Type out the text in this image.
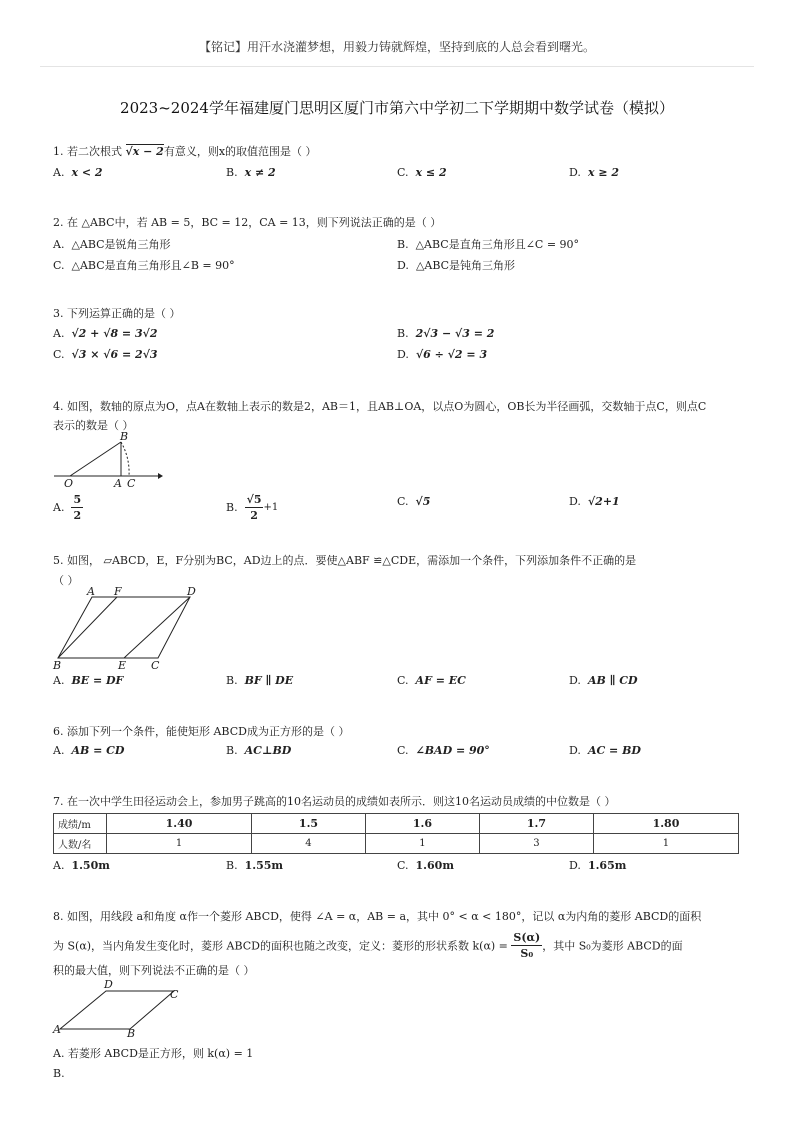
【铭记】用汗水浇灌梦想，用毅力铸就辉煌，坚持到底的人总会看到曙光。
2023~2024学年福建厦门思明区厦门市第六中学初二下学期期中数学试卷（模拟）
1. 若二次根式 √x − 2有意义，则x的取值范围是（ ）
A. x < 2	B. x ≠ 2	C. x ≤ 2	D. x ≥ 2
2. 在 △ABC中，若 AB = 5，BC = 12，CA = 13，则下列说法正确的是（ ）
A. △ABC是锐角三角形	B. △ABC是直角三角形且∠C = 90°
C. △ABC是直角三角形且∠B = 90°	D. △ABC是钝角三角形
3. 下列运算正确的是（ ）
A. √2 + √8 = 3√2	B. 2√3 − √3 = 2
C. √3 × √6 = 2√3	D. √6 ÷ √2 = 3
4. 如图，数轴的原点为O，点A在数轴上表示的数是2，AB＝1，且AB⊥OA，以点O为圆心，OB长为半径画弧，交数轴于点C，则点C
表示的数是（ ）
B
O	A C
A. $\frac{5}{2}$	B. $\frac{√5}{2} +1$	C. √5	D. √2+1
5. 如图， ▱ABCD，E，F分别为BC，AD边上的点．要使△ABF ≌△CDE，需添加一个条件，下列添加条件不正确的是
（ ）
A F	D
B	E C
A. BE = DF	B. BF ∥ DE	C. AF = EC	D. AB ∥ CD
6. 添加下列一个条件，能使矩形 ABCD成为正方形的是（ ）
A. AB = CD	B. AC⊥BD	C. ∠BAD = 90°	D. AC = BD
7. 在一次中学生田径运动会上，参加男子跳高的10名运动员的成绩如表所示．则这10名运动员成绩的中位数是（ ）
成绩/m	1.40	1.5	1.6	1.7	1.80
人数/名	1	4	1	3	1
A. 1.50m	B. 1.55m	C. 1.60m	D. 1.65m
8. 如图，用线段 a和角度 α作一个菱形 ABCD，使得 ∠A = α，AB = a，其中 0° < α < 180°，记以 α为内角的菱形 ABCD的面积
为 S(α)，当内角发生变化时，菱形 ABCD的面积也随之改变，定义：菱形的形状系数 $k(\alpha) = \frac{S(\alpha)}{\text{S₀}}$ ，其中 S₀为菱形 ABCD的面
积的最大值，则下列说法不正确的是（ ）
D
C
A	B
A. 若菱形 ABCD是正方形，则 k(α) = 1
B.
